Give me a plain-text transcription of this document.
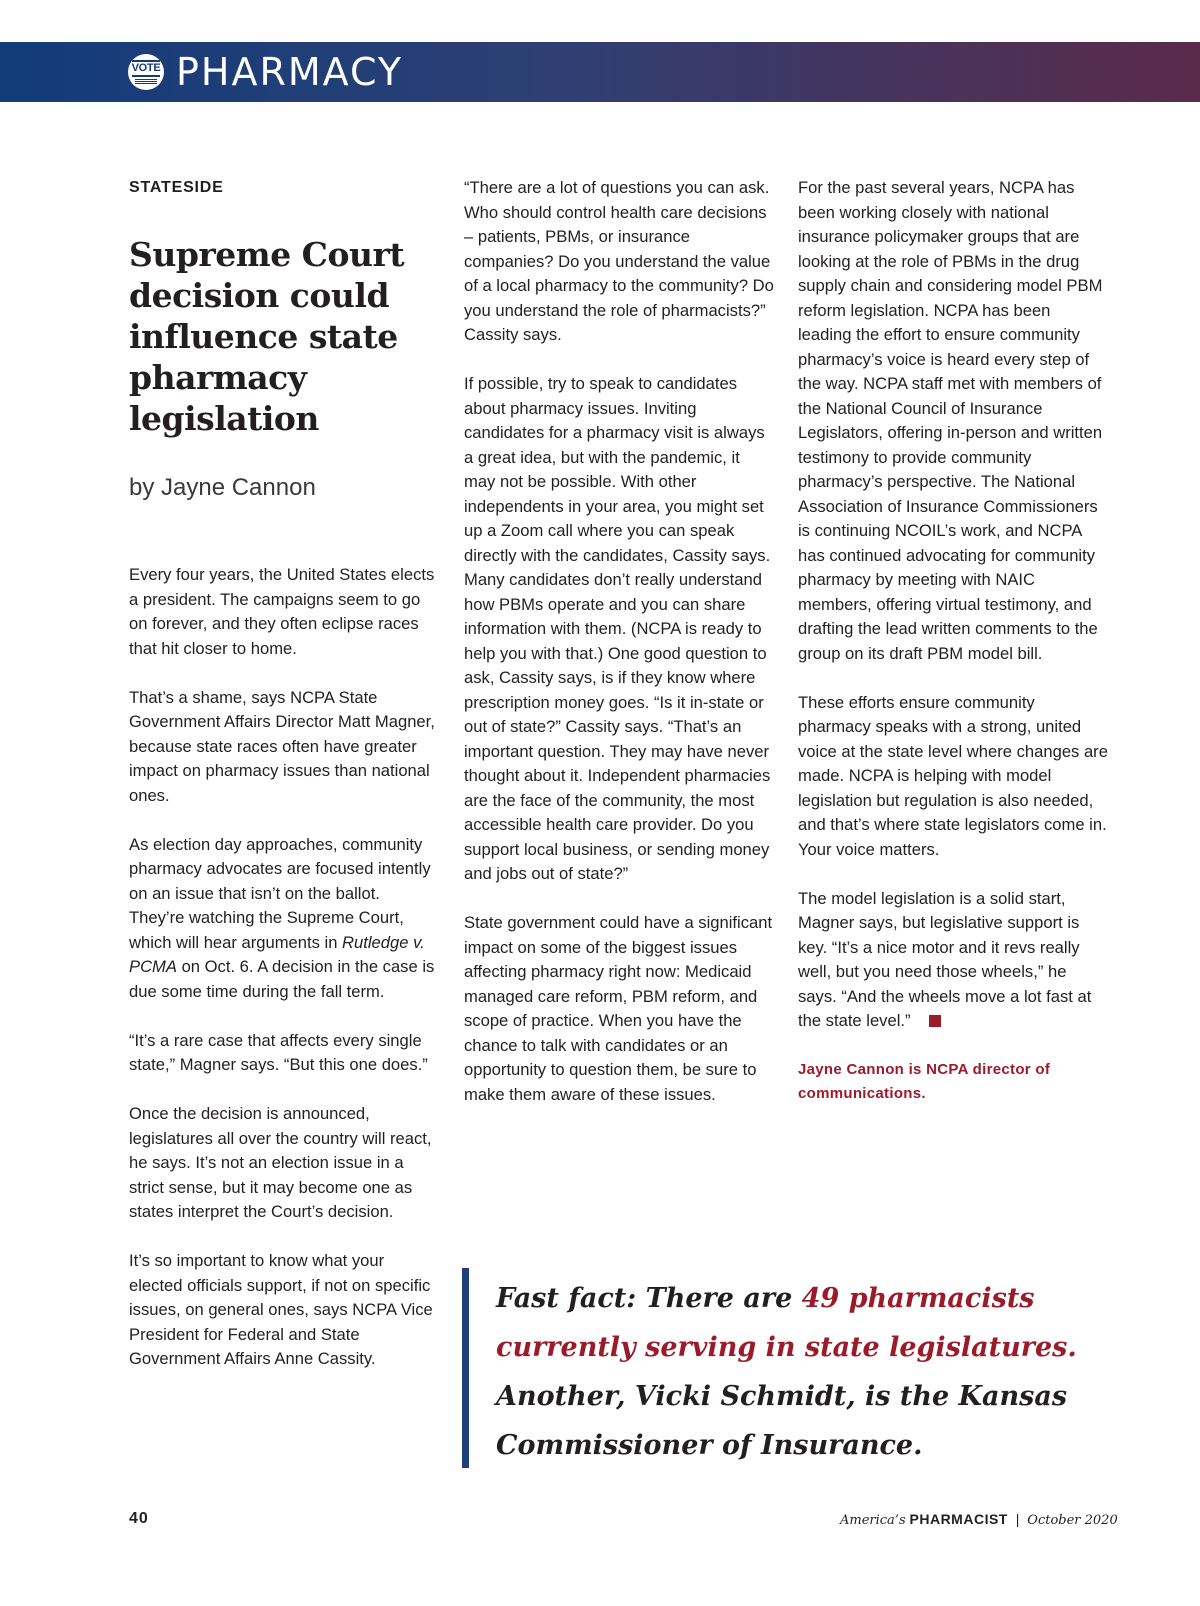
VOTE PHARMACY
STATESIDE
Supreme Court
decision could
influence state
pharmacy
legislation
by Jayne Cannon

Every four years, the United States elects a president. The campaigns seem to go on forever, and they often eclipse races that hit closer to home.

That’s a shame, says NCPA State Government Affairs Director Matt Magner, because state races often have greater impact on pharmacy issues than national ones.

As election day approaches, community pharmacy advocates are focused intently on an issue that isn’t on the ballot. They’re watching the Supreme Court, which will hear arguments in Rutledge v. PCMA on Oct. 6. A decision in the case is due some time during the fall term.

“It’s a rare case that affects every single state,” Magner says. “But this one does.”

Once the decision is announced, legislatures all over the country will react, he says. It’s not an election issue in a strict sense, but it may become one as states interpret the Court’s decision.

It’s so important to know what your elected officials support, if not on specific issues, on general ones, says NCPA Vice President for Federal and State Government Affairs Anne Cassity.

“There are a lot of questions you can ask. Who should control health care decisions – patients, PBMs, or insurance companies? Do you understand the value of a local pharmacy to the community? Do you understand the role of pharmacists?” Cassity says.

If possible, try to speak to candidates about pharmacy issues. Inviting candidates for a pharmacy visit is always a great idea, but with the pandemic, it may not be possible. With other independents in your area, you might set up a Zoom call where you can speak directly with the candidates, Cassity says. Many candidates don’t really understand how PBMs operate and you can share information with them. (NCPA is ready to help you with that.) One good question to ask, Cassity says, is if they know where prescription money goes. “Is it in-state or out of state?” Cassity says. “That’s an important question. They may have never thought about it. Independent pharmacies are the face of the community, the most accessible health care provider. Do you support local business, or sending money and jobs out of state?”

State government could have a significant impact on some of the biggest issues affecting pharmacy right now: Medicaid managed care reform, PBM reform, and scope of practice. When you have the chance to talk with candidates or an opportunity to question them, be sure to make them aware of these issues.

For the past several years, NCPA has been working closely with national insurance policymaker groups that are looking at the role of PBMs in the drug supply chain and considering model PBM reform legislation. NCPA has been leading the effort to ensure community pharmacy’s voice is heard every step of the way. NCPA staff met with members of the National Council of Insurance Legislators, offering in-person and written testimony to provide community pharmacy’s perspective. The National Association of Insurance Commissioners is continuing NCOIL’s work, and NCPA has continued advocating for community pharmacy by meeting with NAIC members, offering virtual testimony, and drafting the lead written comments to the group on its draft PBM model bill.

These efforts ensure community pharmacy speaks with a strong, united voice at the state level where changes are made. NCPA is helping with model legislation but regulation is also needed, and that’s where state legislators come in. Your voice matters.

The model legislation is a solid start, Magner says, but legislative support is key. “It’s a nice motor and it revs really well, but you need those wheels,” he says. “And the wheels move a lot fast at the state level.”

Jayne Cannon is NCPA director of communications.

Fast fact: There are 49 pharmacists currently serving in state legislatures. Another, Vicki Schmidt, is the Kansas Commissioner of Insurance.
40	America’s PHARMACIST | October 2020
